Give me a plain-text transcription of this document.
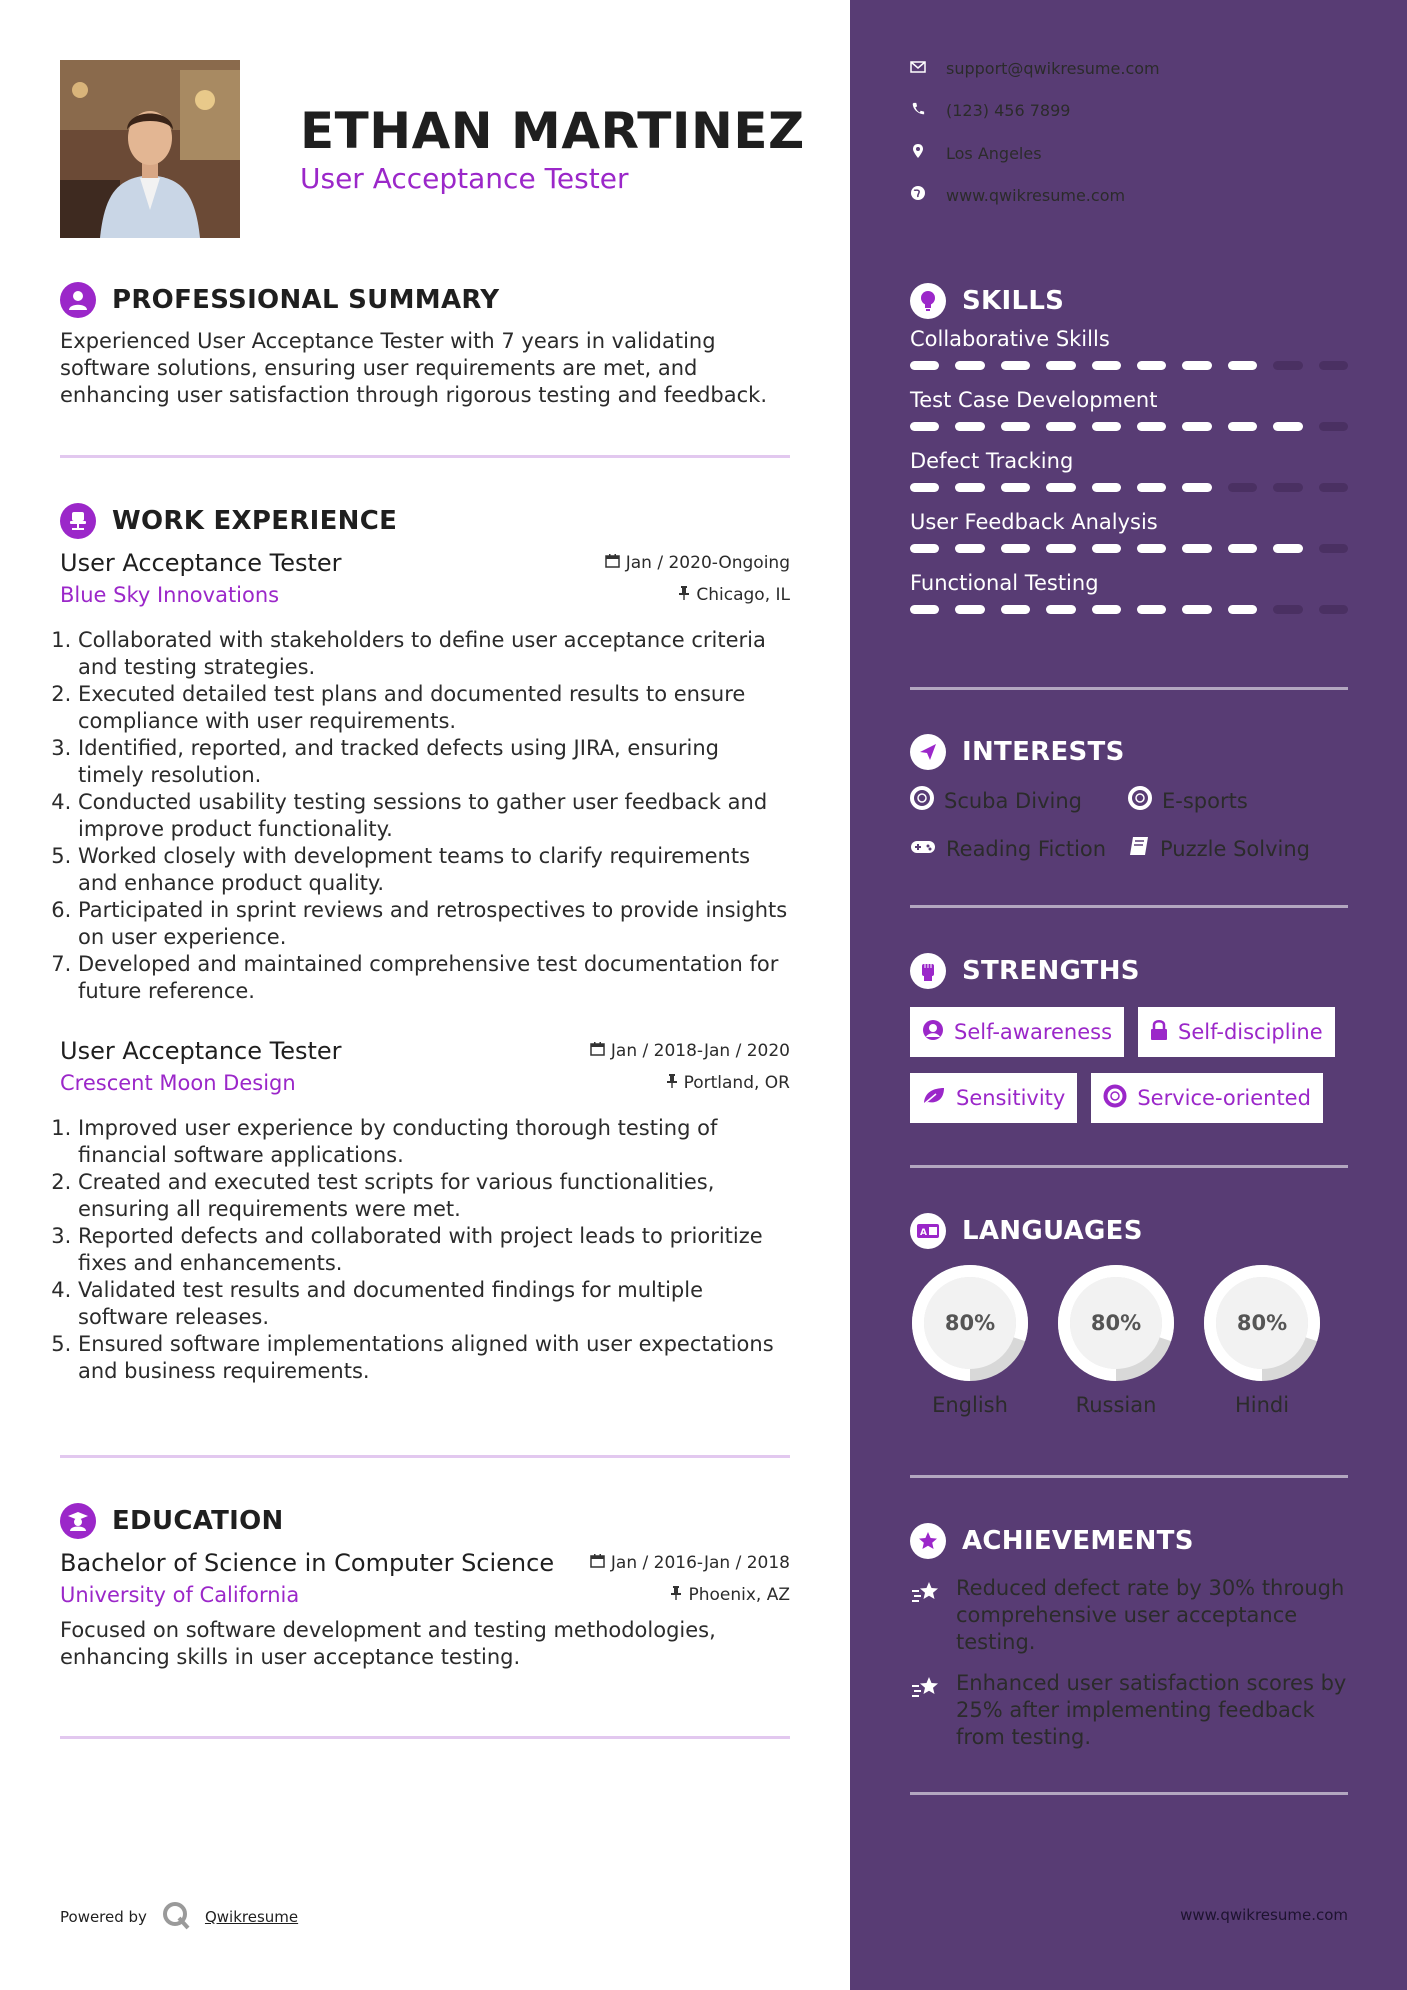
ETHAN MARTINEZ
User Acceptance Tester
PROFESSIONAL SUMMARY
Experienced User Acceptance Tester with 7 years in validating software solutions, ensuring user requirements are met, and enhancing user satisfaction through rigorous testing and feedback.
WORK EXPERIENCE
User Acceptance Tester	Jan / 2020-Ongoing
Blue Sky Innovations	Chicago, IL
1. Collaborated with stakeholders to define user acceptance criteria and testing strategies.
2. Executed detailed test plans and documented results to ensure compliance with user requirements.
3. Identified, reported, and tracked defects using JIRA, ensuring timely resolution.
4. Conducted usability testing sessions to gather user feedback and improve product functionality.
5. Worked closely with development teams to clarify requirements and enhance product quality.
6. Participated in sprint reviews and retrospectives to provide insights on user experience.
7. Developed and maintained comprehensive test documentation for future reference.
User Acceptance Tester	Jan / 2018-Jan / 2020
Crescent Moon Design	Portland, OR
1. Improved user experience by conducting thorough testing of financial software applications.
2. Created and executed test scripts for various functionalities, ensuring all requirements were met.
3. Reported defects and collaborated with project leads to prioritize fixes and enhancements.
4. Validated test results and documented findings for multiple software releases.
5. Ensured software implementations aligned with user expectations and business requirements.
EDUCATION
Bachelor of Science in Computer Science	Jan / 2016-Jan / 2018
University of California	Phoenix, AZ
Focused on software development and testing methodologies, enhancing skills in user acceptance testing.
Powered by	Qwikresume
support@qwikresume.com
(123) 456 7899
Los Angeles
www.qwikresume.com
SKILLS
Collaborative Skills
Test Case Development
Defect Tracking
User Feedback Analysis
Functional Testing
INTERESTS
Scuba Diving	E-sports
Reading Fiction	Puzzle Solving
STRENGTHS
Self-awareness	Self-discipline
Sensitivity	Service-oriented
A LANGUAGES
80%
English
80%
Russian
80%
Hindi
ACHIEVEMENTS
Reduced defect rate by 30% through comprehensive user acceptance testing.
Enhanced user satisfaction scores by 25% after implementing feedback from testing.
www.qwikresume.com
